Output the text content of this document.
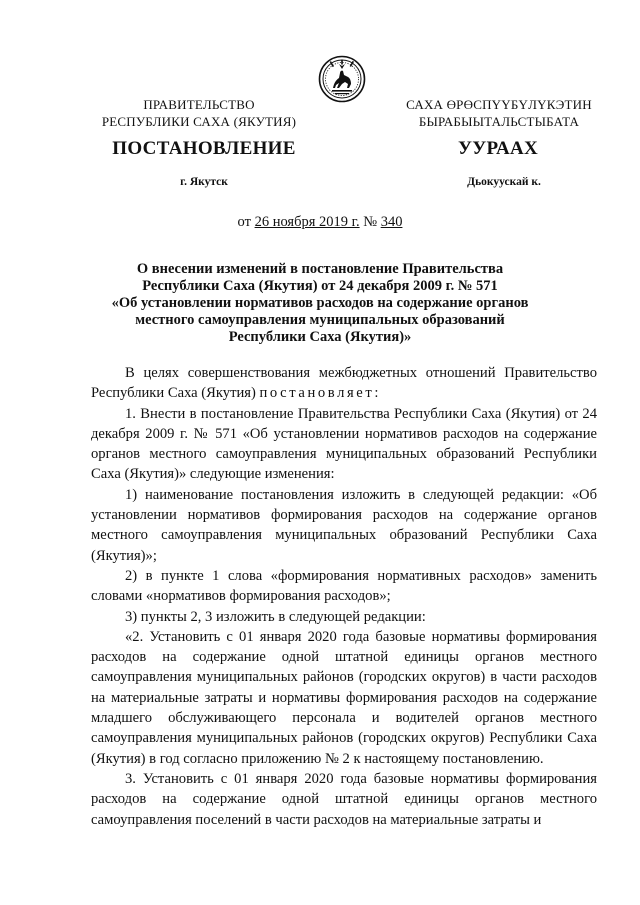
ПРАВИТЕЛЬСТВО
РЕСПУБЛИКИ САХА (ЯКУТИЯ)
САХА ӨРӨСПҮҮБҮЛҮКЭТИН
БЫРАБЫЫТАЛЬСТЫБАТА
ПОСТАНОВЛЕНИЕ	УУРААХ
г. Якутск	Дьокуускай к.
от 26 ноября 2019 г. № 340
О внесении изменений в постановление Правительства
Республики Саха (Якутия) от 24 декабря 2009 г. № 571
«Об установлении нормативов расходов на содержание органов
местного самоуправления муниципальных образований
Республики Саха (Якутия)»

В целях совершенствования межбюджетных отношений Правительство Республики Саха (Якутия) постановляет:

1. Внести в постановление Правительства Республики Саха (Якутия) от 24 декабря 2009 г. № 571 «Об установлении нормативов расходов на содержание органов местного самоуправления муниципальных образований Республики Саха (Якутия)» следующие изменения:

1) наименование постановления изложить в следующей редакции: «Об установлении нормативов формирования расходов на содержание органов местного самоуправления муниципальных образований Республики Саха (Якутия)»;

2) в пункте 1 слова «формирования нормативных расходов» заменить словами «нормативов формирования расходов»;

3) пункты 2, 3 изложить в следующей редакции:

«2. Установить с 01 января 2020 года базовые нормативы формирования расходов на содержание одной штатной единицы органов местного самоуправления муниципальных районов (городских округов) в части расходов на материальные затраты и нормативы формирования расходов на содержание младшего обслуживающего персонала и водителей органов местного самоуправления муниципальных районов (городских округов) Республики Саха (Якутия) в год согласно приложению № 2 к настоящему постановлению.

3. Установить с 01 января 2020 года базовые нормативы формирования расходов на содержание одной штатной единицы органов местного самоуправления поселений в части расходов на материальные затраты и
